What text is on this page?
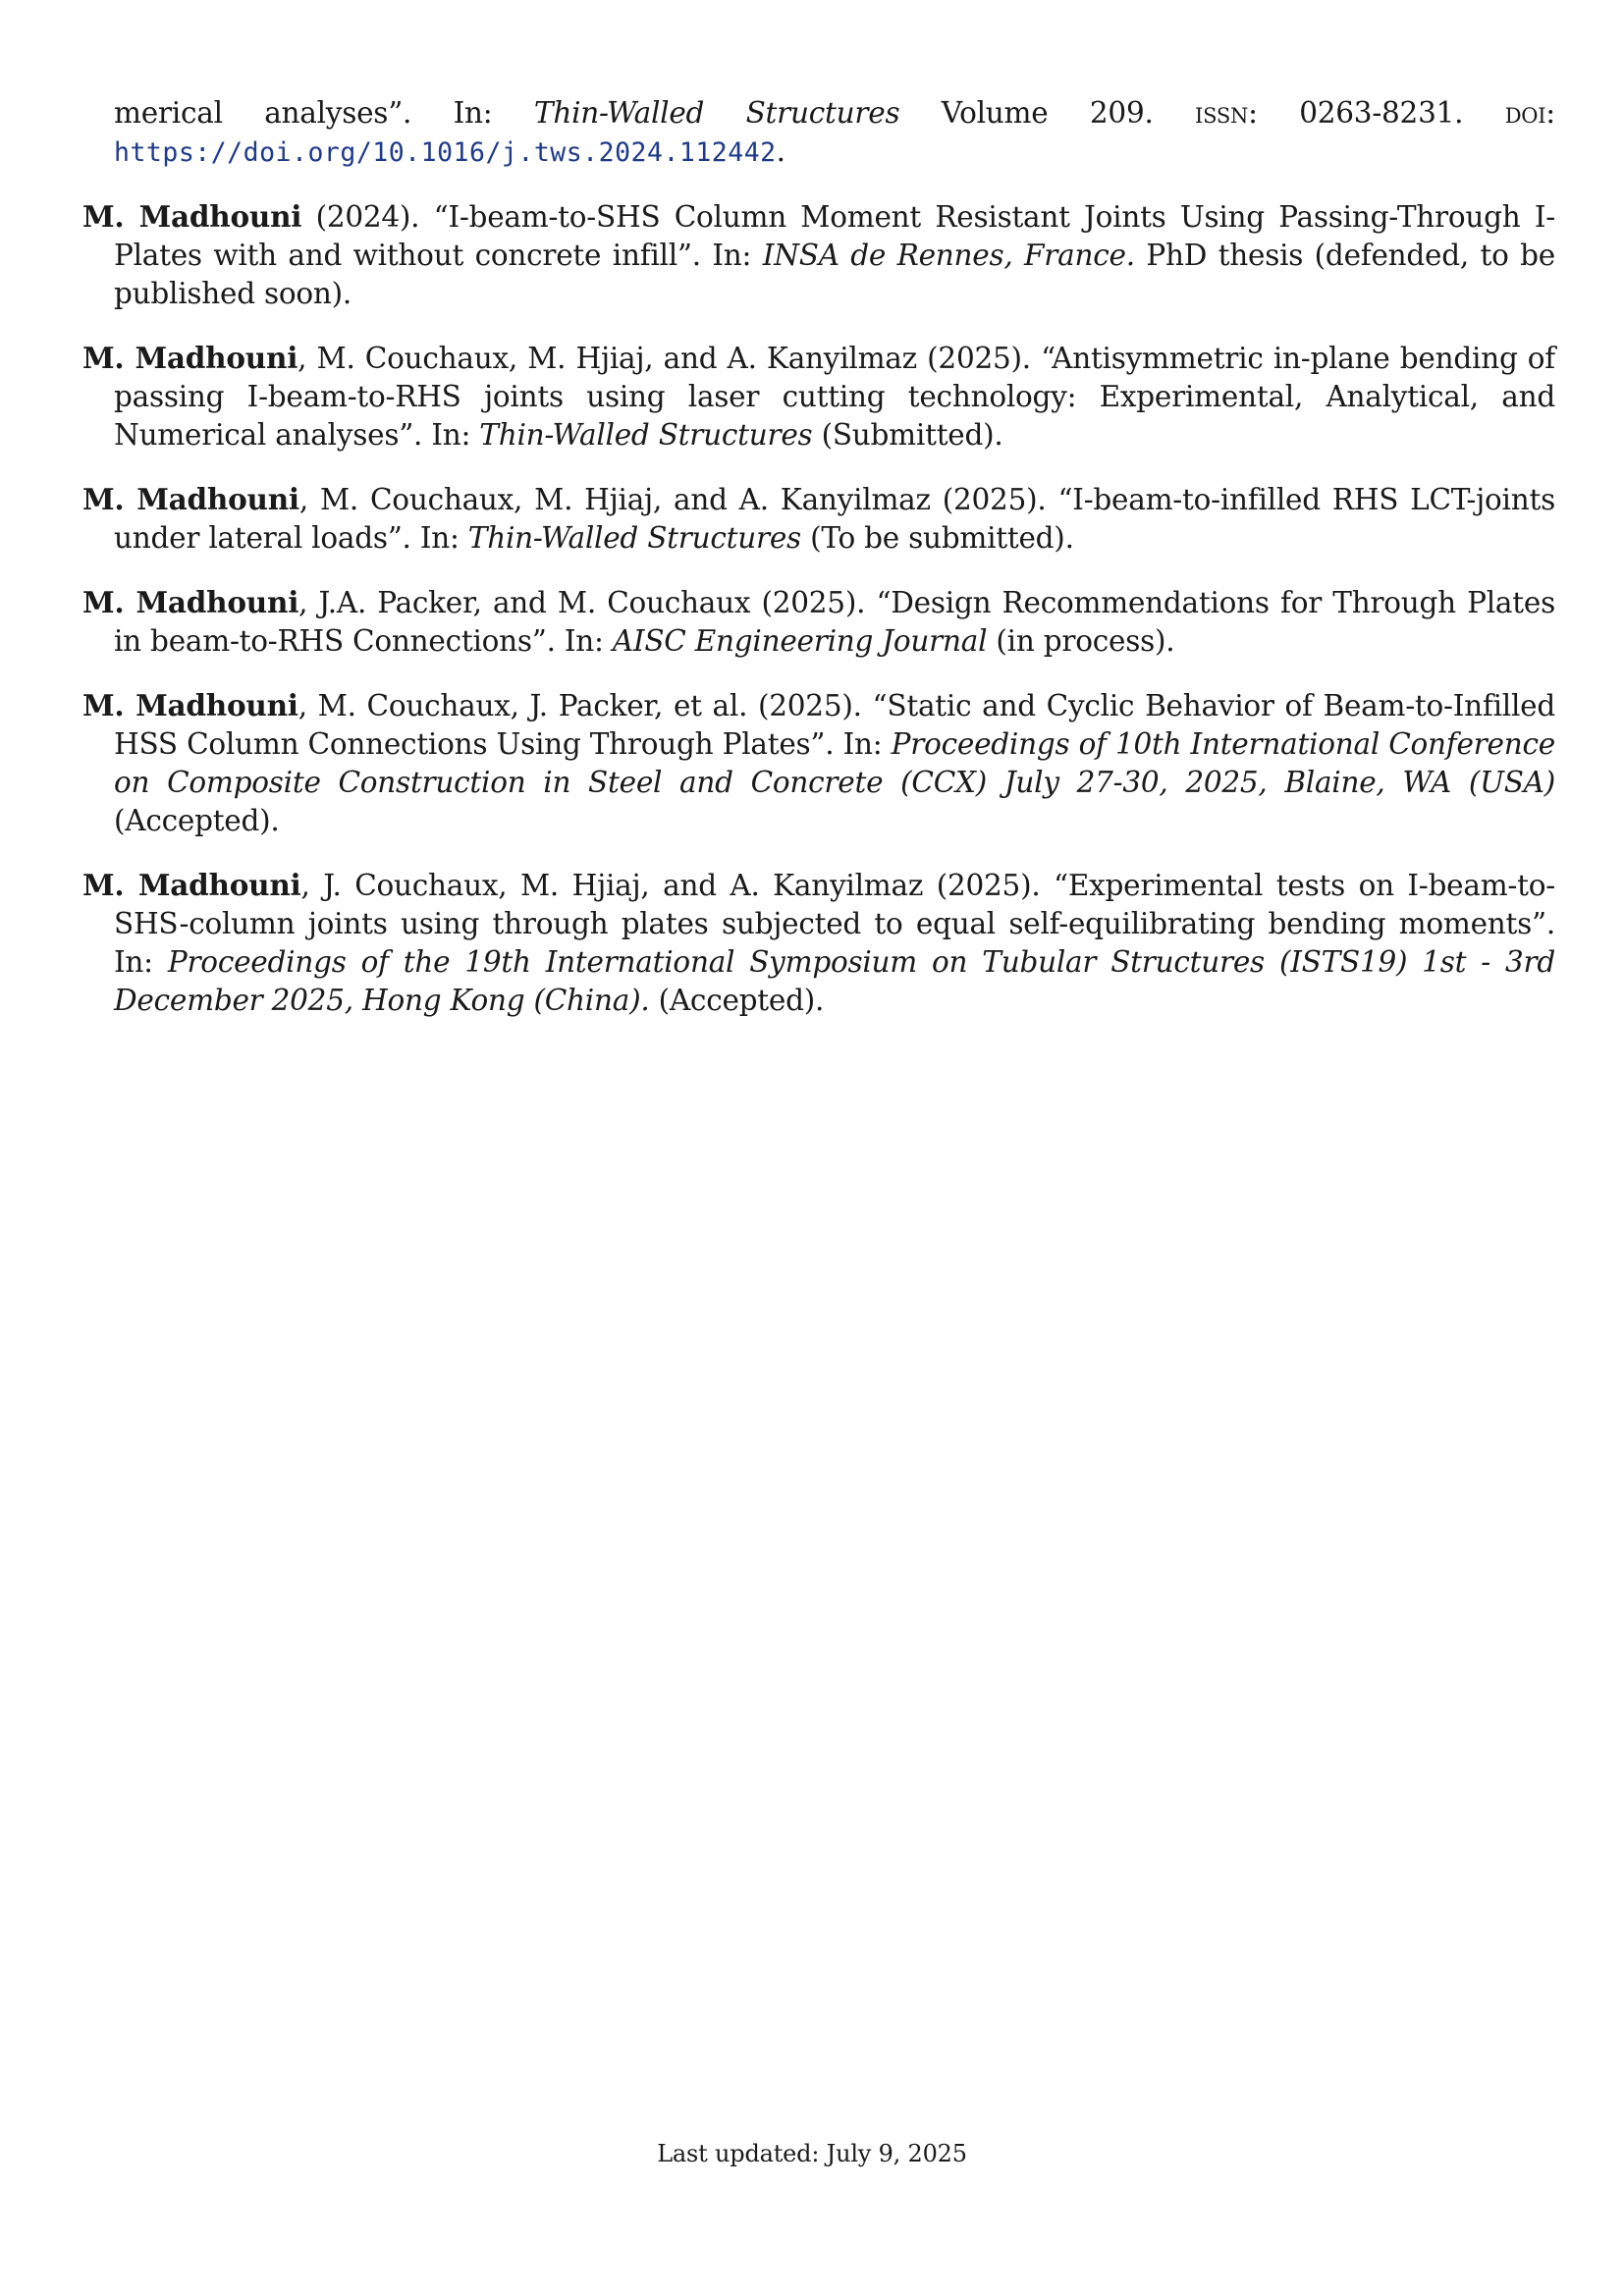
merical analyses”. In: Thin-Walled Structures Volume 209. issn: 0263-8231. doi: https://doi.org/10.1016/j.tws.2024.112442.

M. Madhouni (2024). “I-beam-to-SHS Column Moment Resistant Joints Using Passing-Through I-Plates with and without concrete infill”. In: INSA de Rennes, France. PhD thesis (defended, to be published soon).

M. Madhouni, M. Couchaux, M. Hjiaj, and A. Kanyilmaz (2025). “Antisymmetric in-plane bending of passing I-beam-to-RHS joints using laser cutting technology: Experimental, Analytical, and Numerical analyses”. In: Thin-Walled Structures (Submitted).

M. Madhouni, M. Couchaux, M. Hjiaj, and A. Kanyilmaz (2025). “I-beam-to-infilled RHS LCT-joints under lateral loads”. In: Thin-Walled Structures (To be submitted).

M. Madhouni, J.A. Packer, and M. Couchaux (2025). “Design Recommendations for Through Plates in beam-to-RHS Connections”. In: AISC Engineering Journal (in process).

M. Madhouni, M. Couchaux, J. Packer, et al. (2025). “Static and Cyclic Behavior of Beam-to-Infilled HSS Column Connections Using Through Plates”. In: Proceedings of 10th International Conference on Composite Construction in Steel and Concrete (CCX) July 27-30, 2025, Blaine, WA (USA) (Accepted).

M. Madhouni, J. Couchaux, M. Hjiaj, and A. Kanyilmaz (2025). “Experimental tests on I-beam-to-SHS-column joints using through plates subjected to equal self-equilibrating bending moments”. In: Proceedings of the 19th International Symposium on Tubular Structures (ISTS19) 1st - 3rd December 2025, Hong Kong (China). (Accepted).

Last updated: July 9, 2025
